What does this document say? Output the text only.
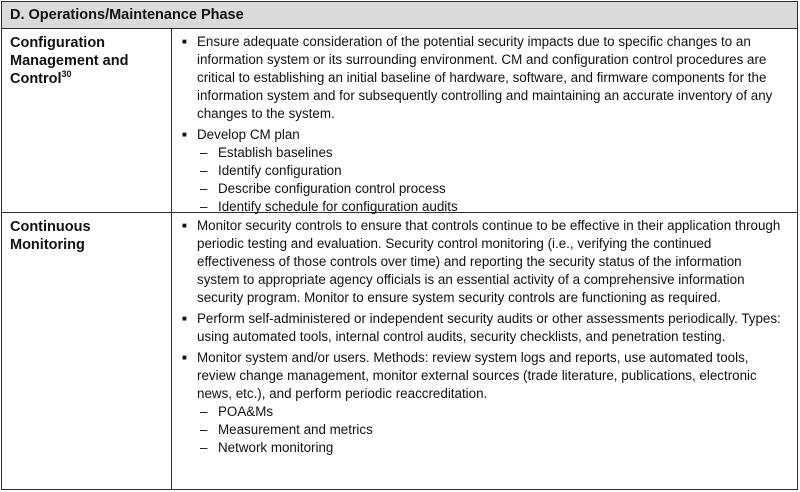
D. Operations/Maintenance Phase
Configuration
Management and
Control$^{30}$
■ Ensure adequate consideration of the potential security impacts due to specific changes to an information system or its surrounding environment. CM and configuration control procedures are critical to establishing an initial baseline of hardware, software, and firmware components for the information system and for subsequently controlling and maintaining an accurate inventory of any changes to the system.
■ Develop CM plan
– Establish baselines
– Identify configuration
– Describe configuration control process
– Identify schedule for configuration audits
Continuous
Monitoring
■ Monitor security controls to ensure that controls continue to be effective in their application through periodic testing and evaluation. Security control monitoring (i.e., verifying the continued effectiveness of those controls over time) and reporting the security status of the information system to appropriate agency officials is an essential activity of a comprehensive information security program. Monitor to ensure system security controls are functioning as required.
■ Perform self-administered or independent security audits or other assessments periodically. Types: using automated tools, internal control audits, security checklists, and penetration testing.
■ Monitor system and/or users. Methods: review system logs and reports, use automated tools, review change management, monitor external sources (trade literature, publications, electronic news, etc.), and perform periodic reaccreditation.
– POA&Ms
– Measurement and metrics
– Network monitoring
